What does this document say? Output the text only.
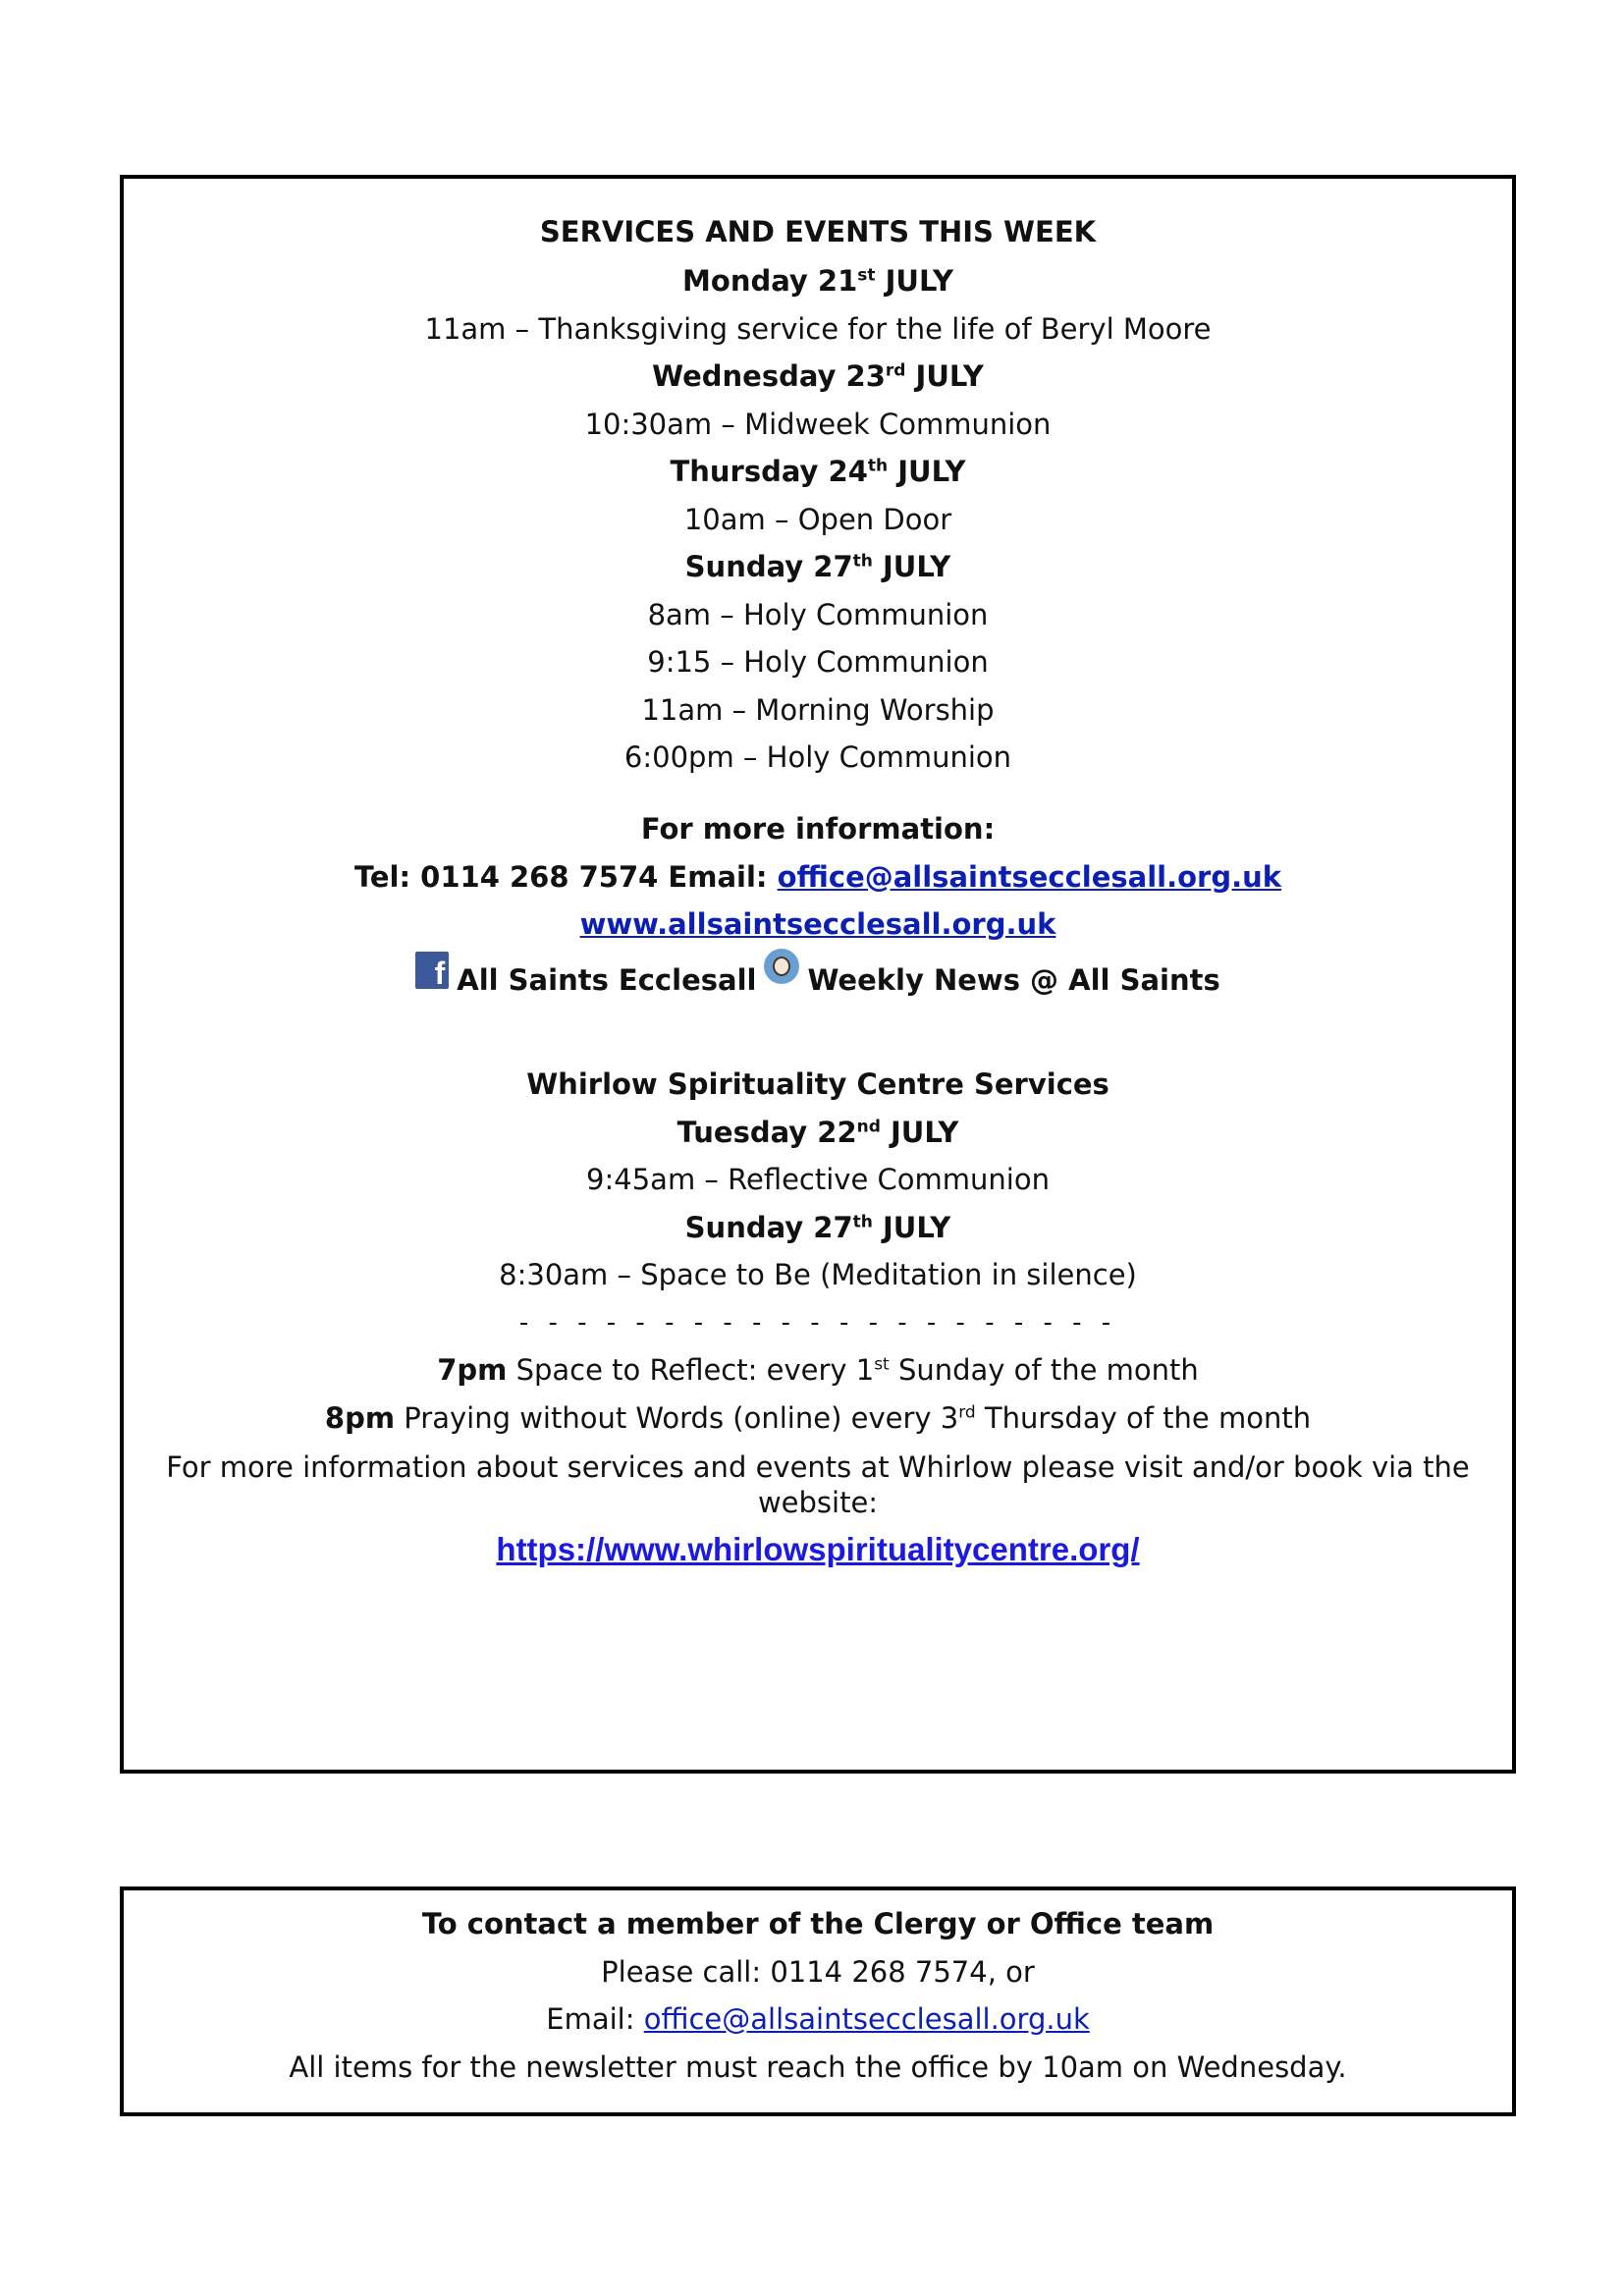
SERVICES AND EVENTS THIS WEEK
Monday 21st JULY
11am – Thanksgiving service for the life of Beryl Moore
Wednesday 23rd JULY
10:30am – Midweek Communion
Thursday 24th JULY
10am – Open Door
Sunday 27th JULY
8am – Holy Communion
9:15 – Holy Communion
11am – Morning Worship
6:00pm – Holy Communion
For more information:
Tel: 0114 268 7574 Email: office@allsaintsecclesall.org.uk
www.allsaintsecclesall.org.uk
f All Saints Ecclesall Weekly News @ All Saints
Whirlow Spirituality Centre Services
Tuesday 22nd JULY
9:45am – Reflective Communion
Sunday 27th JULY
8:30am – Space to Be (Meditation in silence)
- - - - - - - - - - - - - - - - - - - - -
7pm Space to Reflect: every 1st Sunday of the month
8pm Praying without Words (online) every 3rd Thursday of the month
For more information about services and events at Whirlow please visit and/or book via the website:
https://www.whirlowspiritualitycentre.org/
To contact a member of the Clergy or Office team
Please call: 0114 268 7574, or
Email: office@allsaintsecclesall.org.uk
All items for the newsletter must reach the office by 10am on Wednesday.
